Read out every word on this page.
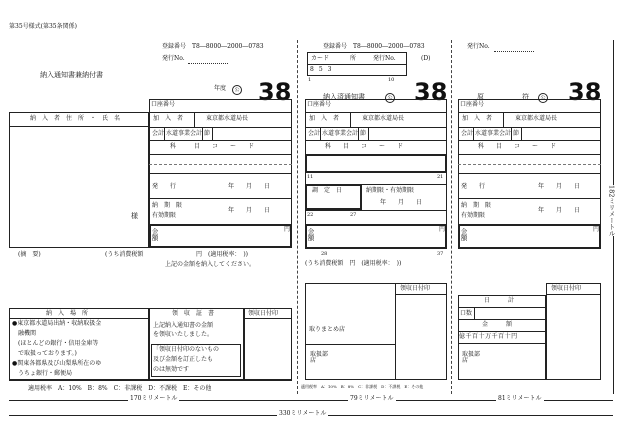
第35号様式(第35条関係)
登録番号　T8―8000―2000―0783
発行No.
納入通知書兼納付書
年度	公 38
納　入　者　住　所　・　氏　名
様
口座番号
加　入　者	東京都水道局長
会計 水道事業会計 節
科　　　目　　コ　　ー　　ド
発　　行	年　　月　　日
納　期　限
有効期限
年　　月　　日
金額	円
(摘　要)	(うち消費税額	円　(適用税率：　))
上記の金額を納入してください。
納　入　場　所
●東京都水道局出納・収納取扱金
融機関
(ほとんどの銀行・信用金庫等
で取扱っております。)
●関東各都県及び山梨県所在のゆ
うちょ銀行・郵便局
領　収　証　書
上記納入通知書の金額
を領収いたしました。
「領収日付印のないもの
及び金額を訂正したも
のは無効です
領収日付印
適用税率　A：10%　B：8%　C：非課税　D：不課税　E：その他
登録番号　T8―8000―2000―0783
カード	所	発行No.	(D)
853
1	10
納入済通知書	公 38
口座番号
加　入　者	東京都水道局長
会計 水道事業会計 節
科　　目　　コ　　ー　　ド
11	21
調　定　日	納期限・有効期限
年　　月　　日
22	27
金額	円
28	37
(うち消費税額　円　(適用税率：　))
領収日付印
取りまとめ店
取扱部店
適用税率　A：10%　B：8%　C：非課税　D：不課税　E：その他
発行No.
原	符	公 38
口座番号
加　入　者	東京都水道局長
会計 水道事業会計 節
科　　目　　コ　　ー　　ド
発　　行	年　　月　　日
納　期　限
有効期限
年　　月　　日
金額	円
領収日付印
日　　　計
口数
金　　　額
億千百十万千百十円
取扱部店
182ミリメートル
170ミリメートル	79ミリメートル	81ミリメートル
330ミリメートル
